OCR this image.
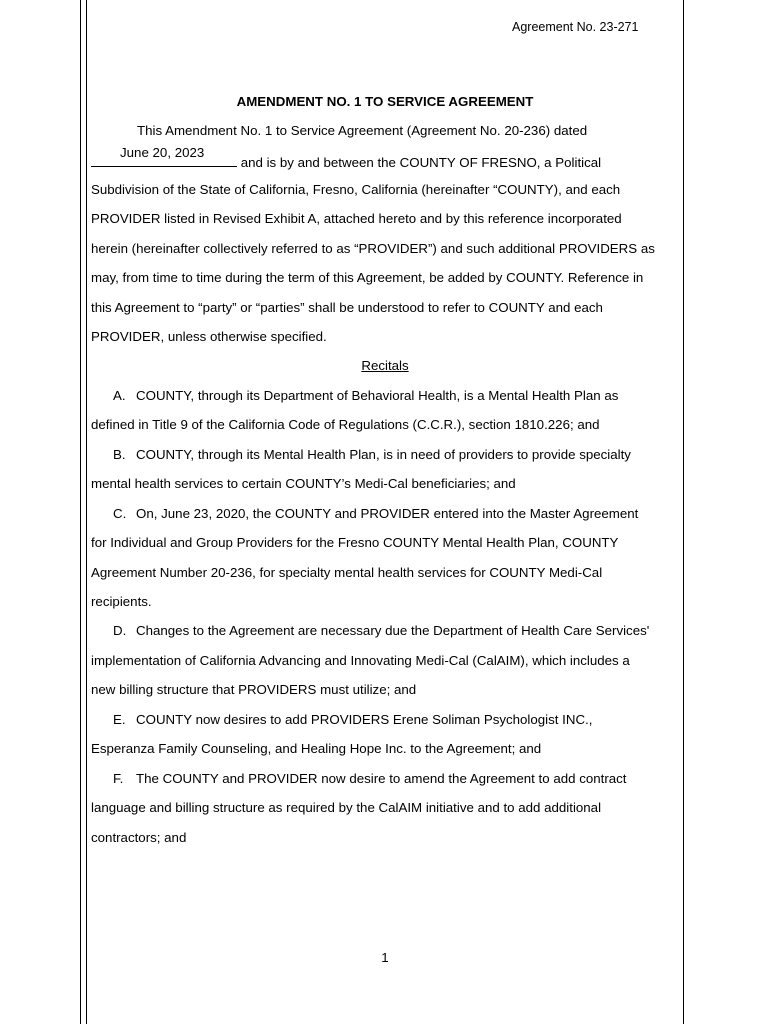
Agreement No. 23-271
AMENDMENT NO. 1 TO SERVICE AGREEMENT
This Amendment No. 1 to Service Agreement (Agreement No. 20-236) dated
June 20, 2023
and is by and between the COUNTY OF FRESNO, a Political
Subdivision of the State of California, Fresno, California (hereinafter “COUNTY), and each
PROVIDER listed in Revised Exhibit A, attached hereto and by this reference incorporated
herein (hereinafter collectively referred to as “PROVIDER”) and such additional PROVIDERS as
may, from time to time during the term of this Agreement, be added by COUNTY. Reference in
this Agreement to “party” or “parties” shall be understood to refer to COUNTY and each
PROVIDER, unless otherwise specified.
Recitals
A. COUNTY, through its Department of Behavioral Health, is a Mental Health Plan as
defined in Title 9 of the California Code of Regulations (C.C.R.), section 1810.226; and
B. COUNTY, through its Mental Health Plan, is in need of providers to provide specialty
mental health services to certain COUNTY’s Medi-Cal beneficiaries; and
C. On, June 23, 2020, the COUNTY and PROVIDER entered into the Master Agreement
for Individual and Group Providers for the Fresno COUNTY Mental Health Plan, COUNTY
Agreement Number 20-236, for specialty mental health services for COUNTY Medi-Cal
recipients.
D. Changes to the Agreement are necessary due the Department of Health Care Services'
implementation of California Advancing and Innovating Medi-Cal (CalAIM), which includes a
new billing structure that PROVIDERS must utilize; and
E. COUNTY now desires to add PROVIDERS Erene Soliman Psychologist INC.,
Esperanza Family Counseling, and Healing Hope Inc. to the Agreement; and
F. The COUNTY and PROVIDER now desire to amend the Agreement to add contract
language and billing structure as required by the CalAIM initiative and to add additional
contractors; and
1
